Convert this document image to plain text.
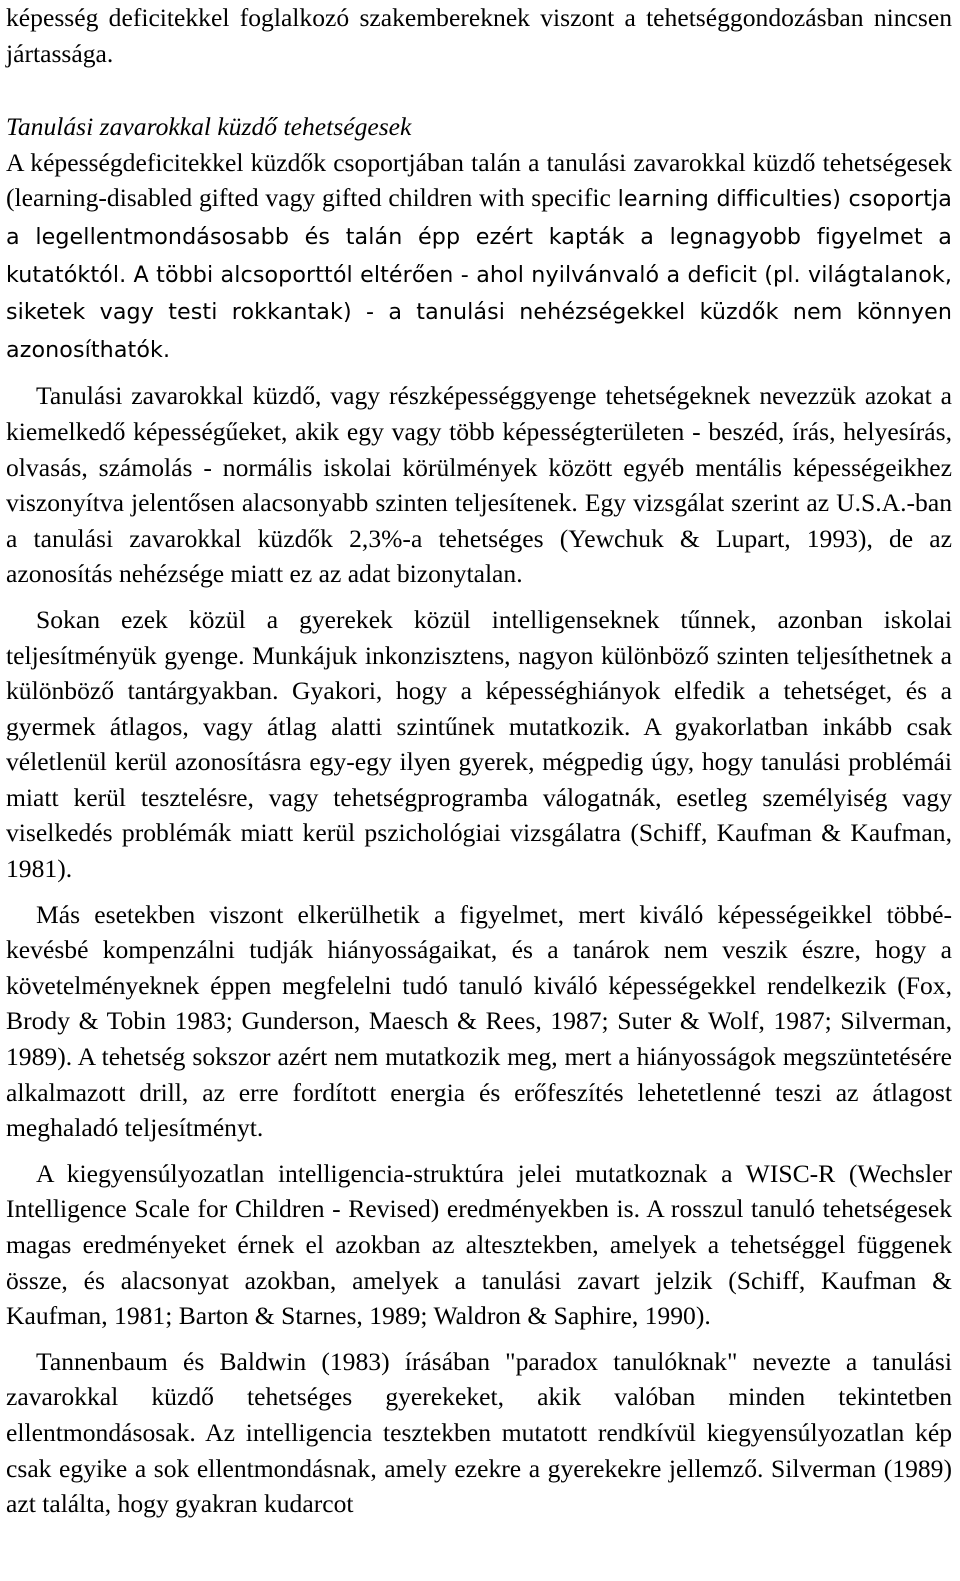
képesség deficitekkel foglalkozó szakembereknek viszont a tehetséggondozásban nincsen jártassága.

Tanulási zavarokkal küzdő tehetségesek

A képességdeficitekkel küzdők csoportjában talán a tanulási zavarokkal küzdő tehetségesek (learning-disabled gifted vagy gifted children with specific learning difficulties) csoportja a legellentmondásosabb és talán épp ezért kapták a legnagyobb figyelmet a kutatóktól. A többi alcsoporttól eltérően - ahol nyilvánvaló a deficit (pl. világtalanok, siketek vagy testi rokkantak) - a tanulási nehézségekkel küzdők nem könnyen azonosíthatók.

Tanulási zavarokkal küzdő, vagy részképességgyenge tehetségeknek nevezzük azokat a kiemelkedő képességűeket, akik egy vagy több képességterületen - beszéd, írás, helyesírás, olvasás, számolás - normális iskolai körülmények között egyéb mentális képességeikhez viszonyítva jelentősen alacsonyabb szinten teljesítenek. Egy vizsgálat szerint az U.S.A.-ban a tanulási zavarokkal küzdők 2,3%-a tehetséges (Yewchuk & Lupart, 1993), de az azonosítás nehézsége miatt ez az adat bizonytalan.

Sokan ezek közül a gyerekek közül intelligenseknek tűnnek, azonban iskolai teljesítményük gyenge. Munkájuk inkonzisztens, nagyon különböző szinten teljesíthetnek a különböző tantárgyakban. Gyakori, hogy a képességhiányok elfedik a tehetséget, és a gyermek átlagos, vagy átlag alatti szintűnek mutatkozik. A gyakorlatban inkább csak véletlenül kerül azonosításra egy-egy ilyen gyerek, mégpedig úgy, hogy tanulási problémái miatt kerül tesztelésre, vagy tehetségprogramba válogatnák, esetleg személyiség vagy viselkedés problémák miatt kerül pszichológiai vizsgálatra (Schiff, Kaufman & Kaufman, 1981).

Más esetekben viszont elkerülhetik a figyelmet, mert kiváló képességeikkel többé-kevésbé kompenzálni tudják hiányosságaikat, és a tanárok nem veszik észre, hogy a követelményeknek éppen megfelelni tudó tanuló kiváló képességekkel rendelkezik (Fox, Brody & Tobin 1983; Gunderson, Maesch & Rees, 1987; Suter & Wolf, 1987; Silverman, 1989). A tehetség sokszor azért nem mutatkozik meg, mert a hiányosságok megszüntetésére alkalmazott drill, az erre fordított energia és erőfeszítés lehetetlenné teszi az átlagost meghaladó teljesítményt.

A kiegyensúlyozatlan intelligencia-struktúra jelei mutatkoznak a WISC-R (Wechsler Intelligence Scale for Children - Revised) eredményekben is. A rosszul tanuló tehetségesek magas eredményeket érnek el azokban az altesztekben, amelyek a tehetséggel függenek össze, és alacsonyat azokban, amelyek a tanulási zavart jelzik (Schiff, Kaufman & Kaufman, 1981; Barton & Starnes, 1989; Waldron & Saphire, 1990).

Tannenbaum és Baldwin (1983) írásában "paradox tanulóknak" nevezte a tanulási zavarokkal küzdő tehetséges gyerekeket, akik valóban minden tekintetben ellentmondásosak. Az intelligencia tesztekben mutatott rendkívül kiegyensúlyozatlan kép csak egyike a sok ellentmondásnak, amely ezekre a gyerekekre jellemző. Silverman (1989) azt találta, hogy gyakran kudarcot
